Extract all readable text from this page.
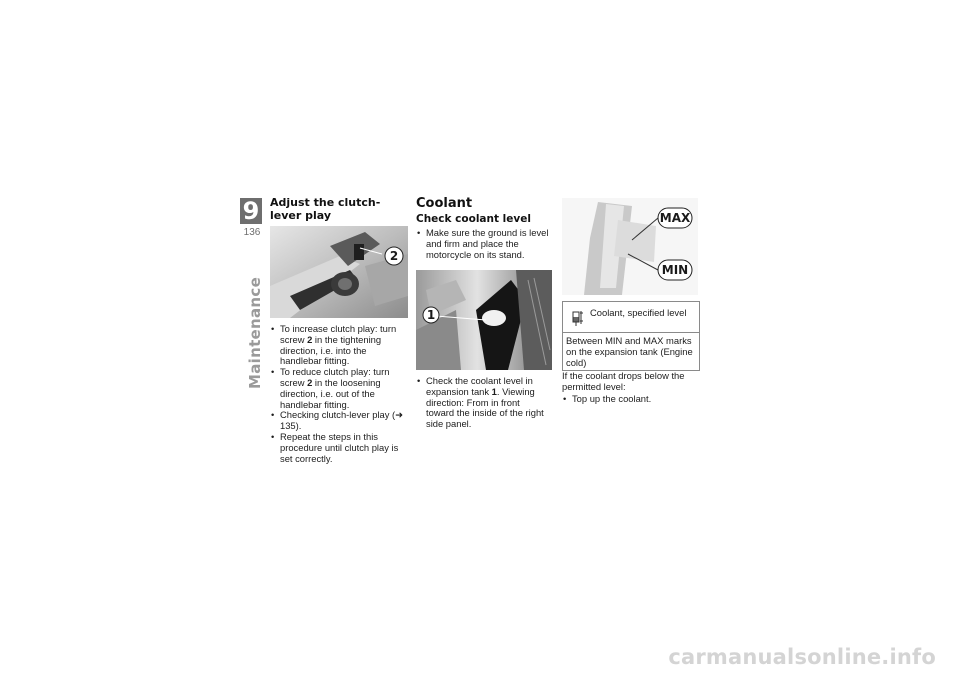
9
136
Maintenance
Adjust the clutch-lever play
2
• To increase clutch play: turn screw 2 in the tightening direction, i.e. into the handlebar fitting.
• To reduce clutch play: turn screw 2 in the loosening direction, i.e. out of the handlebar fitting.
• Checking clutch-lever play (➜ 135).
• Repeat the steps in this procedure until clutch play is set correctly.
Coolant
Check coolant level
• Make sure the ground is level and firm and place the motorcycle on its stand.
1
• Check the coolant level in expansion tank 1. Viewing direction: From in front toward the inside of the right side panel.
MAX
MIN
Coolant, specified level
Between MIN and MAX marks on the expansion tank (Engine cold)
If the coolant drops below the permitted level:
• Top up the coolant.
carmanualsonline.info
